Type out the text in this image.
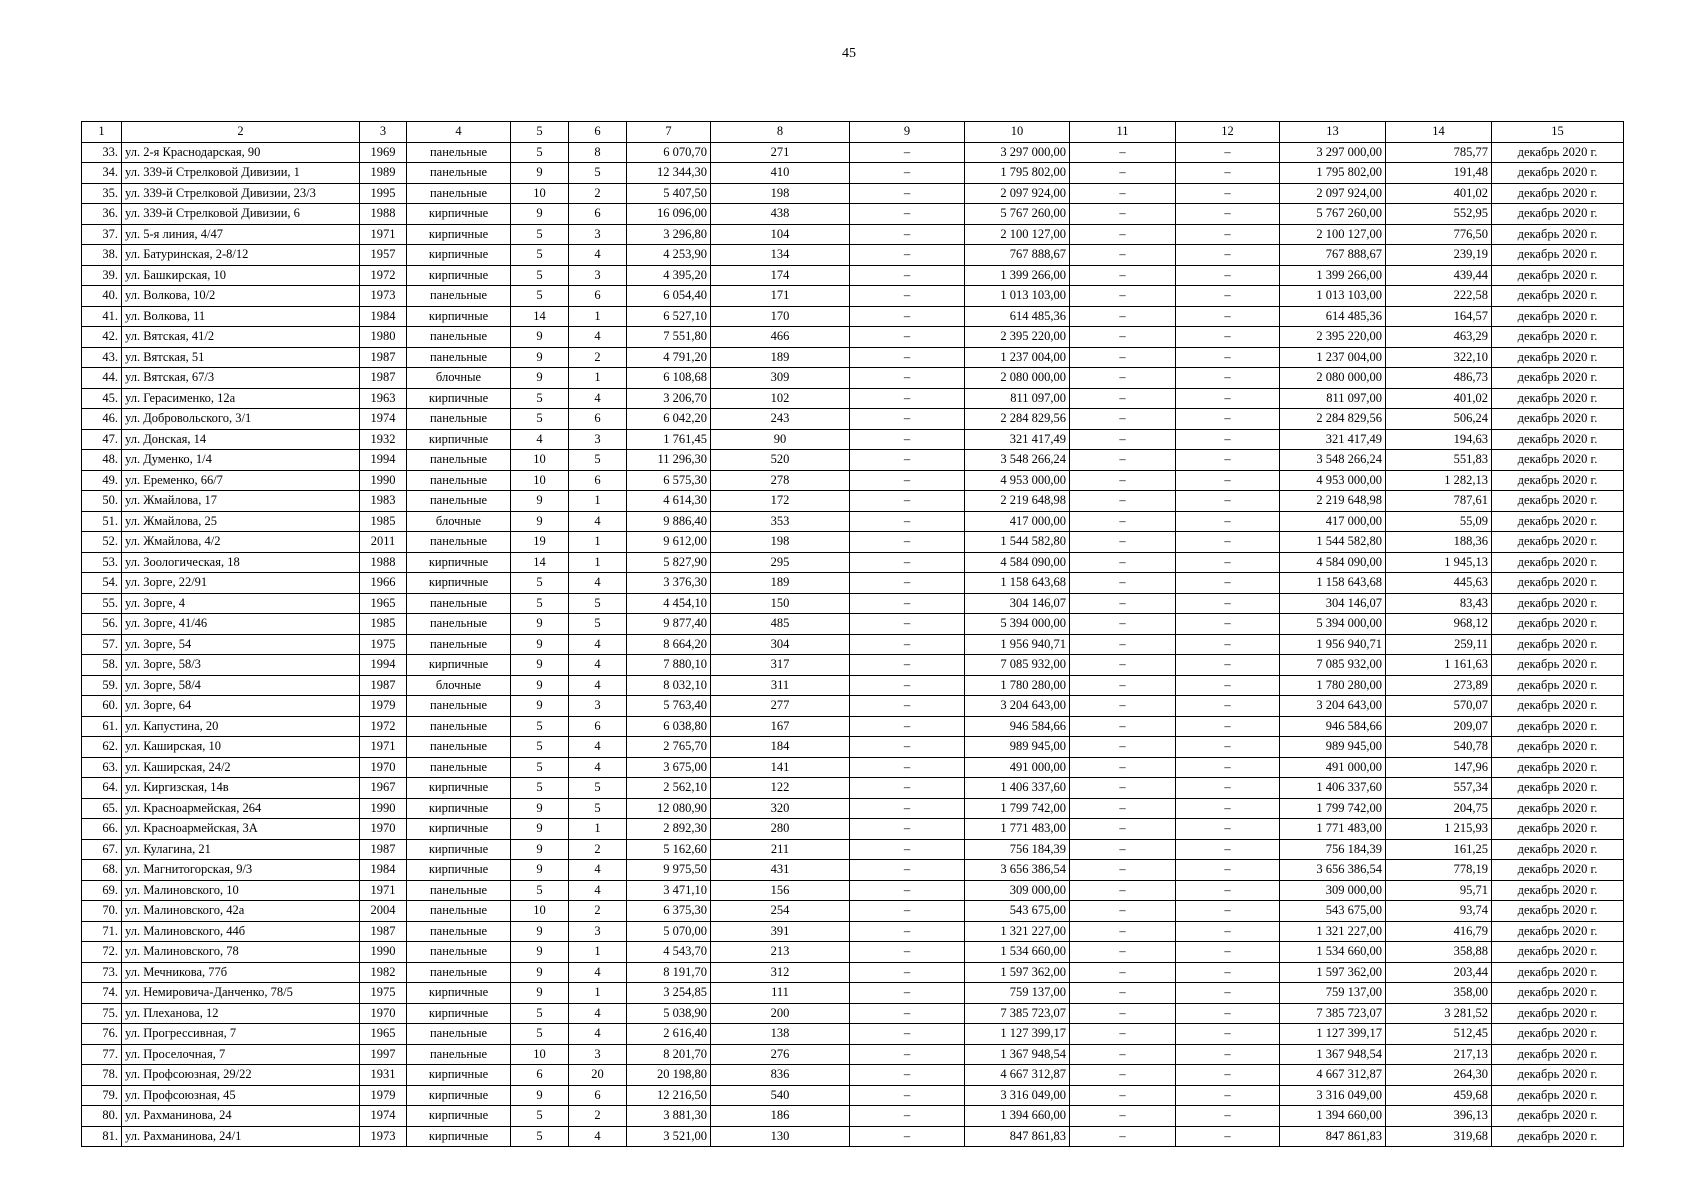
45
1	2	3	4	5	6	7	8	9	10	11	12	13	14	15
33.	ул. 2-я Краснодарская, 90	1969	панельные	5	8	6 070,70	271	–	3 297 000,00	–	–	3 297 000,00	785,77	декабрь 2020 г.
34.	ул. 339-й Стрелковой Дивизии, 1	1989	панельные	9	5	12 344,30	410	–	1 795 802,00	–	–	1 795 802,00	191,48	декабрь 2020 г.
35.	ул. 339-й Стрелковой Дивизии, 23/3	1995	панельные	10	2	5 407,50	198	–	2 097 924,00	–	–	2 097 924,00	401,02	декабрь 2020 г.
36.	ул. 339-й Стрелковой Дивизии, 6	1988	кирпичные	9	6	16 096,00	438	–	5 767 260,00	–	–	5 767 260,00	552,95	декабрь 2020 г.
37.	ул. 5-я линия, 4/47	1971	кирпичные	5	3	3 296,80	104	–	2 100 127,00	–	–	2 100 127,00	776,50	декабрь 2020 г.
38.	ул. Батуринская, 2-8/12	1957	кирпичные	5	4	4 253,90	134	–	767 888,67	–	–	767 888,67	239,19	декабрь 2020 г.
39.	ул. Башкирская, 10	1972	кирпичные	5	3	4 395,20	174	–	1 399 266,00	–	–	1 399 266,00	439,44	декабрь 2020 г.
40.	ул. Волкова, 10/2	1973	панельные	5	6	6 054,40	171	–	1 013 103,00	–	–	1 013 103,00	222,58	декабрь 2020 г.
41.	ул. Волкова, 11	1984	кирпичные	14	1	6 527,10	170	–	614 485,36	–	–	614 485,36	164,57	декабрь 2020 г.
42.	ул. Вятская, 41/2	1980	панельные	9	4	7 551,80	466	–	2 395 220,00	–	–	2 395 220,00	463,29	декабрь 2020 г.
43.	ул. Вятская, 51	1987	панельные	9	2	4 791,20	189	–	1 237 004,00	–	–	1 237 004,00	322,10	декабрь 2020 г.
44.	ул. Вятская, 67/3	1987	блочные	9	1	6 108,68	309	–	2 080 000,00	–	–	2 080 000,00	486,73	декабрь 2020 г.
45.	ул. Герасименко, 12а	1963	кирпичные	5	4	3 206,70	102	–	811 097,00	–	–	811 097,00	401,02	декабрь 2020 г.
46.	ул. Добровольского, 3/1	1974	панельные	5	6	6 042,20	243	–	2 284 829,56	–	–	2 284 829,56	506,24	декабрь 2020 г.
47.	ул. Донская, 14	1932	кирпичные	4	3	1 761,45	90	–	321 417,49	–	–	321 417,49	194,63	декабрь 2020 г.
48.	ул. Думенко, 1/4	1994	панельные	10	5	11 296,30	520	–	3 548 266,24	–	–	3 548 266,24	551,83	декабрь 2020 г.
49.	ул. Еременко, 66/7	1990	панельные	10	6	6 575,30	278	–	4 953 000,00	–	–	4 953 000,00	1 282,13	декабрь 2020 г.
50.	ул. Жмайлова, 17	1983	панельные	9	1	4 614,30	172	–	2 219 648,98	–	–	2 219 648,98	787,61	декабрь 2020 г.
51.	ул. Жмайлова, 25	1985	блочные	9	4	9 886,40	353	–	417 000,00	–	–	417 000,00	55,09	декабрь 2020 г.
52.	ул. Жмайлова, 4/2	2011	панельные	19	1	9 612,00	198	–	1 544 582,80	–	–	1 544 582,80	188,36	декабрь 2020 г.
53.	ул. Зоологическая, 18	1988	кирпичные	14	1	5 827,90	295	–	4 584 090,00	–	–	4 584 090,00	1 945,13	декабрь 2020 г.
54.	ул. Зорге, 22/91	1966	кирпичные	5	4	3 376,30	189	–	1 158 643,68	–	–	1 158 643,68	445,63	декабрь 2020 г.
55.	ул. Зорге, 4	1965	панельные	5	5	4 454,10	150	–	304 146,07	–	–	304 146,07	83,43	декабрь 2020 г.
56.	ул. Зорге, 41/46	1985	панельные	9	5	9 877,40	485	–	5 394 000,00	–	–	5 394 000,00	968,12	декабрь 2020 г.
57.	ул. Зорге, 54	1975	панельные	9	4	8 664,20	304	–	1 956 940,71	–	–	1 956 940,71	259,11	декабрь 2020 г.
58.	ул. Зорге, 58/3	1994	кирпичные	9	4	7 880,10	317	–	7 085 932,00	–	–	7 085 932,00	1 161,63	декабрь 2020 г.
59.	ул. Зорге, 58/4	1987	блочные	9	4	8 032,10	311	–	1 780 280,00	–	–	1 780 280,00	273,89	декабрь 2020 г.
60.	ул. Зорге, 64	1979	панельные	9	3	5 763,40	277	–	3 204 643,00	–	–	3 204 643,00	570,07	декабрь 2020 г.
61.	ул. Капустина, 20	1972	панельные	5	6	6 038,80	167	–	946 584,66	–	–	946 584,66	209,07	декабрь 2020 г.
62.	ул. Каширская, 10	1971	панельные	5	4	2 765,70	184	–	989 945,00	–	–	989 945,00	540,78	декабрь 2020 г.
63.	ул. Каширская, 24/2	1970	панельные	5	4	3 675,00	141	–	491 000,00	–	–	491 000,00	147,96	декабрь 2020 г.
64.	ул. Киргизская, 14в	1967	кирпичные	5	5	2 562,10	122	–	1 406 337,60	–	–	1 406 337,60	557,34	декабрь 2020 г.
65.	ул. Красноармейская, 264	1990	кирпичные	9	5	12 080,90	320	–	1 799 742,00	–	–	1 799 742,00	204,75	декабрь 2020 г.
66.	ул. Красноармейская, 3А	1970	кирпичные	9	1	2 892,30	280	–	1 771 483,00	–	–	1 771 483,00	1 215,93	декабрь 2020 г.
67.	ул. Кулагина, 21	1987	кирпичные	9	2	5 162,60	211	–	756 184,39	–	–	756 184,39	161,25	декабрь 2020 г.
68.	ул. Магнитогорская, 9/3	1984	кирпичные	9	4	9 975,50	431	–	3 656 386,54	–	–	3 656 386,54	778,19	декабрь 2020 г.
69.	ул. Малиновского, 10	1971	панельные	5	4	3 471,10	156	–	309 000,00	–	–	309 000,00	95,71	декабрь 2020 г.
70.	ул. Малиновского, 42а	2004	панельные	10	2	6 375,30	254	–	543 675,00	–	–	543 675,00	93,74	декабрь 2020 г.
71.	ул. Малиновского, 44б	1987	панельные	9	3	5 070,00	391	–	1 321 227,00	–	–	1 321 227,00	416,79	декабрь 2020 г.
72.	ул. Малиновского, 78	1990	панельные	9	1	4 543,70	213	–	1 534 660,00	–	–	1 534 660,00	358,88	декабрь 2020 г.
73.	ул. Мечникова, 77б	1982	панельные	9	4	8 191,70	312	–	1 597 362,00	–	–	1 597 362,00	203,44	декабрь 2020 г.
74.	ул. Немировича-Данченко, 78/5	1975	кирпичные	9	1	3 254,85	111	–	759 137,00	–	–	759 137,00	358,00	декабрь 2020 г.
75.	ул. Плеханова, 12	1970	кирпичные	5	4	5 038,90	200	–	7 385 723,07	–	–	7 385 723,07	3 281,52	декабрь 2020 г.
76.	ул. Прогрессивная, 7	1965	панельные	5	4	2 616,40	138	–	1 127 399,17	–	–	1 127 399,17	512,45	декабрь 2020 г.
77.	ул. Проселочная, 7	1997	панельные	10	3	8 201,70	276	–	1 367 948,54	–	–	1 367 948,54	217,13	декабрь 2020 г.
78.	ул. Профсоюзная, 29/22	1931	кирпичные	6	20	20 198,80	836	–	4 667 312,87	–	–	4 667 312,87	264,30	декабрь 2020 г.
79.	ул. Профсоюзная, 45	1979	кирпичные	9	6	12 216,50	540	–	3 316 049,00	–	–	3 316 049,00	459,68	декабрь 2020 г.
80.	ул. Рахманинова, 24	1974	кирпичные	5	2	3 881,30	186	–	1 394 660,00	–	–	1 394 660,00	396,13	декабрь 2020 г.
81.	ул. Рахманинова, 24/1	1973	кирпичные	5	4	3 521,00	130	–	847 861,83	–	–	847 861,83	319,68	декабрь 2020 г.
